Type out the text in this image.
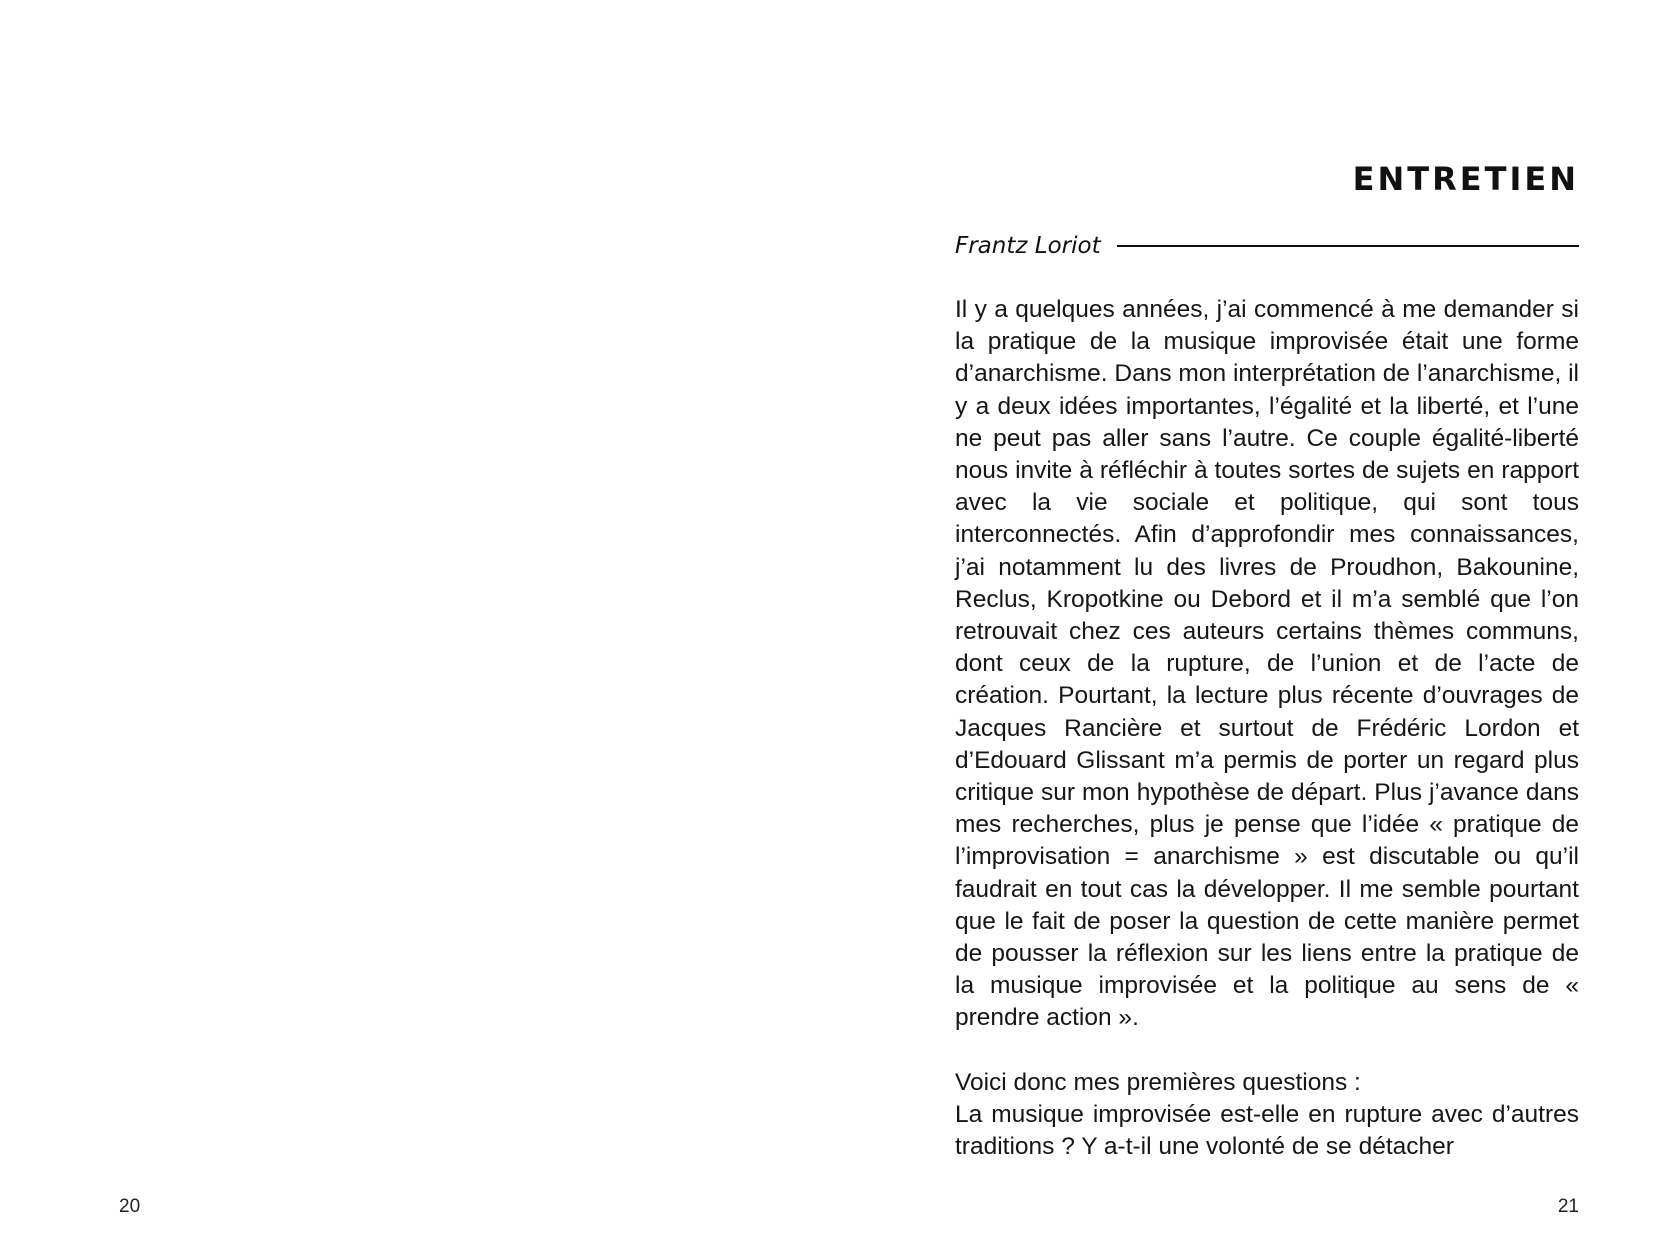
20
ENTRETIEN
Frantz Loriot

Il y a quelques années, j’ai commencé à me demander si la pratique de la musique improvisée était une forme d’anarchisme. Dans mon interprétation de l’anarchisme, il y a deux idées importantes, l’égalité et la liberté, et l’une ne peut pas aller sans l’autre. Ce couple égalité-liberté nous invite à réfléchir à toutes sortes de sujets en rapport avec la vie sociale et politique, qui sont tous interconnectés. Afin d’approfondir mes connaissances, j’ai notamment lu des livres de Proudhon, Bakounine, Reclus, Kropotkine ou Debord et il m’a semblé que l’on retrouvait chez ces auteurs certains thèmes communs, dont ceux de la rupture, de l’union et de l’acte de création. Pourtant, la lecture plus récente d’ouvrages de Jacques Rancière et surtout de Frédéric Lordon et d’Edouard Glissant m’a permis de porter un regard plus critique sur mon hypothèse de départ. Plus j’avance dans mes recherches, plus je pense que l’idée « pratique de l’improvisation = anarchisme » est discutable ou qu’il faudrait en tout cas la développer. Il me semble pourtant que le fait de poser la question de cette manière permet de pousser la réflexion sur les liens entre la pratique de la musique improvisée et la politique au sens de « prendre action ».

Voici donc mes premières questions :

La musique improvisée est-elle en rupture avec d’autres traditions ? Y a-t-il une volonté de se détacher

21
